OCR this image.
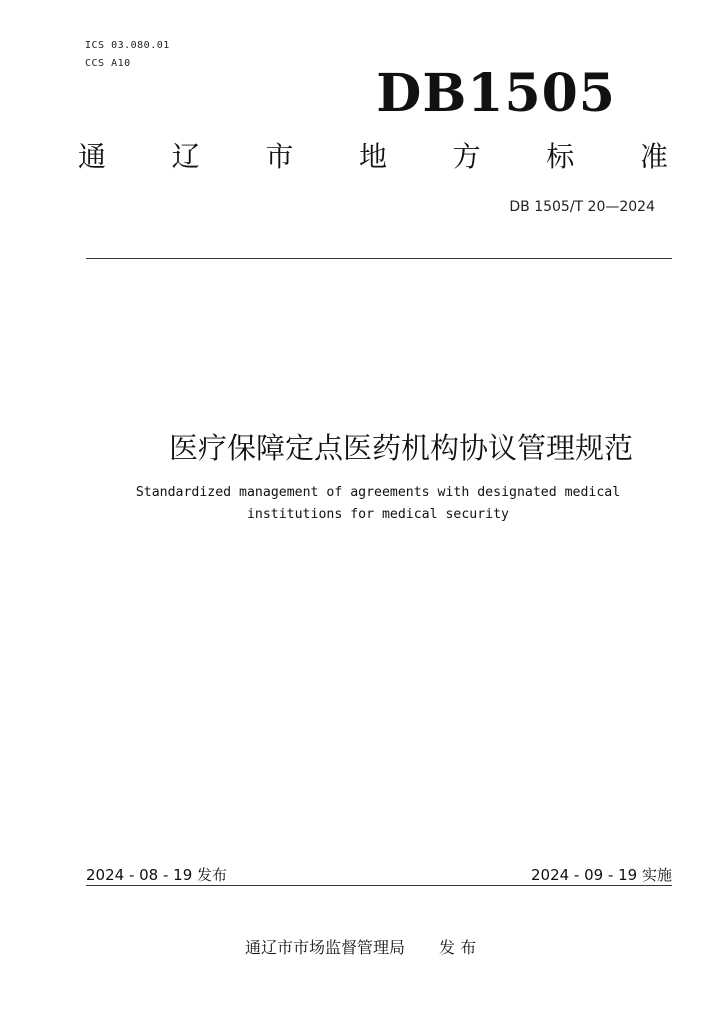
ICS 03.080.01
CCS A10	DB1505
通 辽 市 地 方 标 准
DB 1505/T 20—2024
医疗保障定点医药机构协议管理规范
Standardized management of agreements with designated medical
institutions for medical security
2024 - 08 - 19 发布	2024 - 09 - 19 实施
通辽市市场监督管理局 发 布
